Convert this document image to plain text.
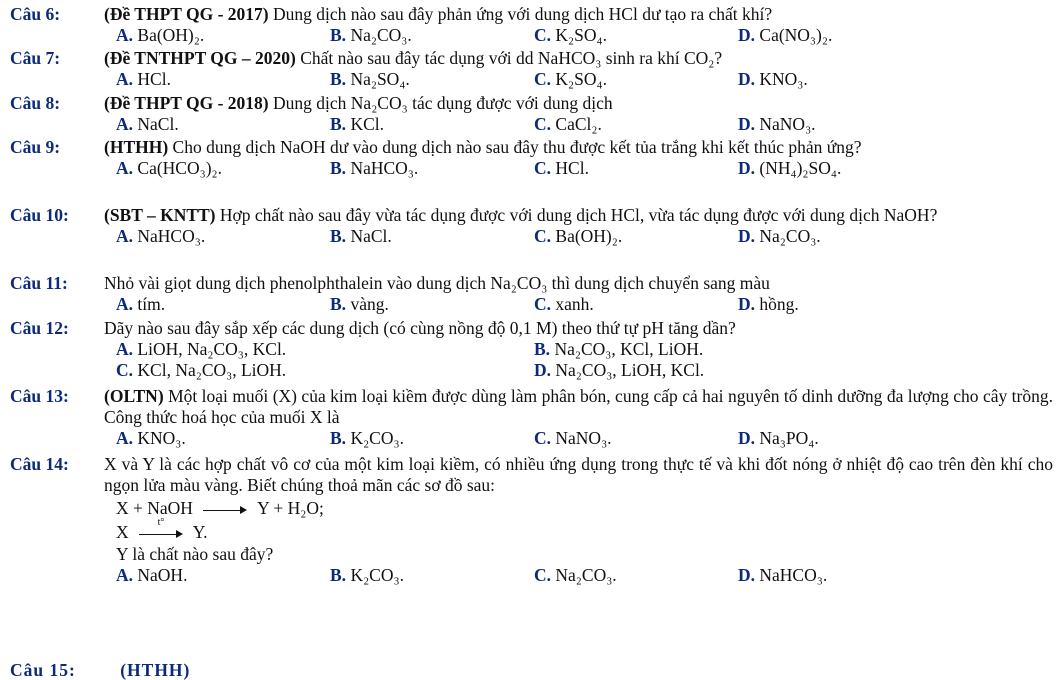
Câu 6:	(Đề THPT QG - 2017) Dung dịch nào sau đây phản ứng với dung dịch HCl dư tạo ra chất khí?
A. Ba(OH)₂.	B. Na₂CO₃.	C. K₂SO₄.	D. Ca(NO₃)₂.
Câu 7:	(Đề TNTHPT QG – 2020) Chất nào sau đây tác dụng với dd NaHCO₃ sinh ra khí CO₂?
A. HCl.	B. Na₂SO₄.	C. K₂SO₄.	D. KNO₃.
Câu 8:	(Đề THPT QG - 2018) Dung dịch Na₂CO₃ tác dụng được với dung dịch
A. NaCl.	B. KCl.	C. CaCl₂.	D. NaNO₃.
Câu 9:	(HTHH) Cho dung dịch NaOH dư vào dung dịch nào sau đây thu được kết tủa trắng khi kết thúc phản ứng?
A. Ca(HCO₃)₂.	B. NaHCO₃.	C. HCl.	D. (NH₄)₂SO₄.
Câu 10: (SBT – KNTT) Hợp chất nào sau đây vừa tác dụng được với dung dịch HCl, vừa tác dụng được với dung dịch NaOH?
A. NaHCO₃.	B. NaCl.	C. Ba(OH)₂.	D. Na₂CO₃.
Câu 11: Nhỏ vài giọt dung dịch phenolphthalein vào dung dịch Na₂CO₃ thì dung dịch chuyển sang màu
A. tím.	B. vàng.	C. xanh.	D. hồng.
Câu 12: Dãy nào sau đây sắp xếp các dung dịch (có cùng nồng độ 0,1 M) theo thứ tự pH tăng dần?
A. LiOH, Na₂CO₃, KCl.	B. Na₂CO₃, KCl, LiOH.
C. KCl, Na₂CO₃, LiOH.	D. Na₂CO₃, LiOH, KCl.
Câu 13: (OLTN) Một loại muối (X) của kim loại kiềm được dùng làm phân bón, cung cấp cả hai nguyên tố dinh dưỡng đa lượng cho cây trồng. Công thức hoá học của muối X là
A. KNO₃.	B. K₂CO₃.	C. NaNO₃.	D. Na₃PO₄.
Câu 14: X và Y là các hợp chất vô cơ của một kim loại kiềm, có nhiều ứng dụng trong thực tế và khi đốt nóng ở nhiệt độ cao trên đèn khí cho ngọn lửa màu vàng. Biết chúng thoả mãn các sơ đồ sau:
X + NaOH	Y + H₂O;
X	t°	Y.
Y là chất nào sau đây?
A. NaOH.	B. K₂CO₃.	C. Na₂CO₃.	D. NaHCO₃.
Câu 15:	(HTHH)
